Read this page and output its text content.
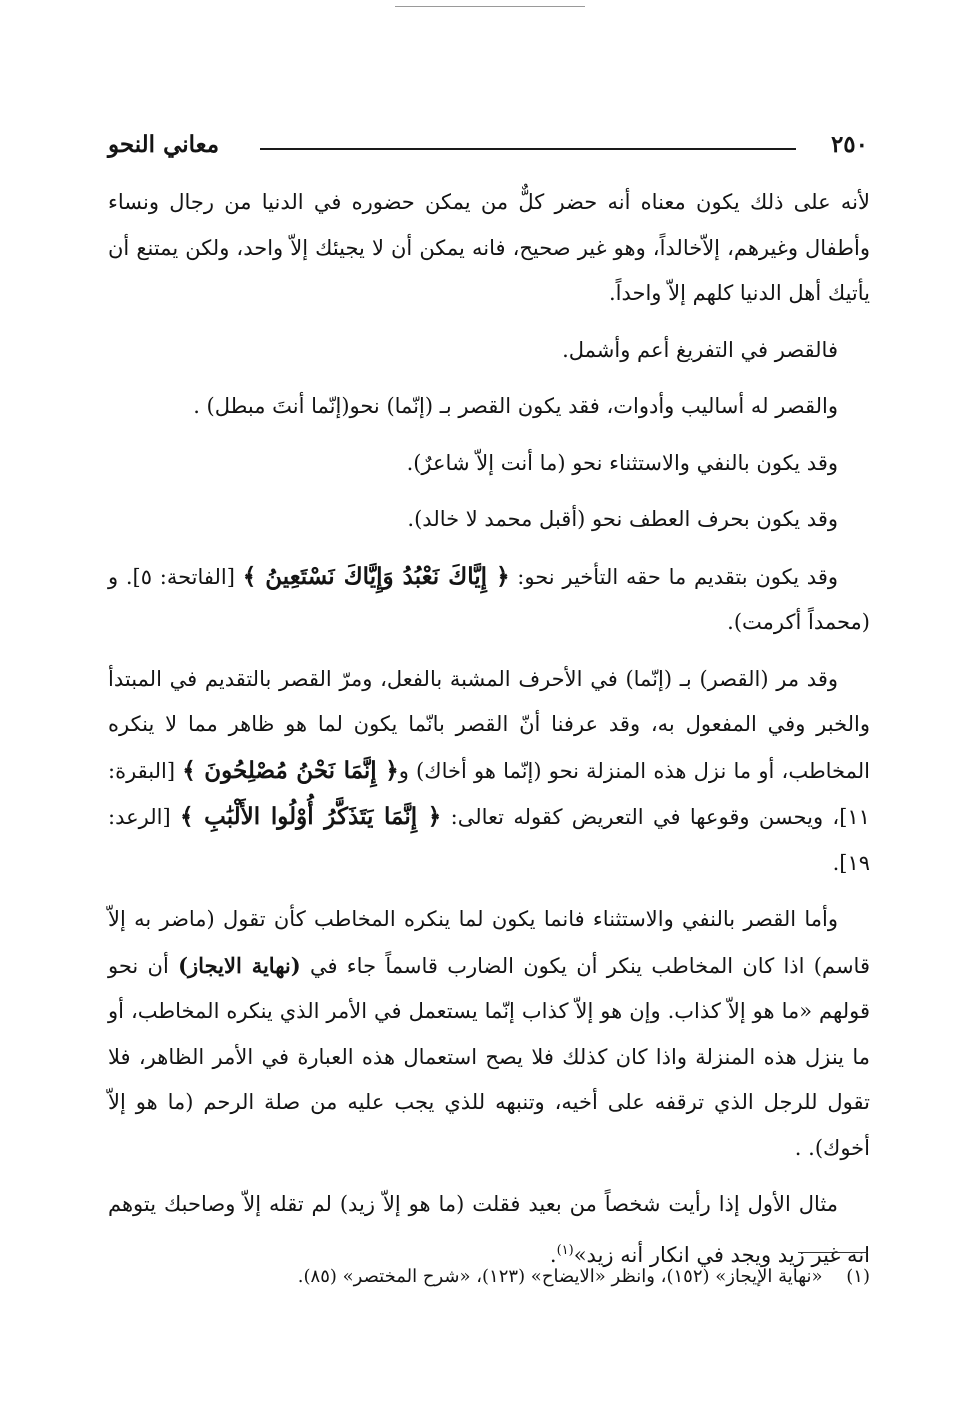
٢٥٠
معاني النحو

لأنه على ذلك يكون معناه أنه حضر كلٌّ من يمكن حضوره في الدنيا من رجال ونساء وأطفال وغيرهم، إلاّخالداً، وهو غير صحيح، فانه يمكن أن لا يجيئك إلاّ واحد، ولكن يمتنع أن يأتيك أهل الدنيا كلهم إلاّ واحداً.

فالقصر في التفريغ أعم وأشمل.

والقصر له أساليب وأدوات، فقد يكون القصر بـ (إنّما) نحو(إنّما أنتَ مبطل) .

وقد يكون بالنفي والاستثناء نحو (ما أنت إلاّ شاعرٌ).

وقد يكون بحرف العطف نحو (أقبل محمد لا خالد).

وقد يكون بتقديم ما حقه التأخير نحو: ﴿ إِيَّاكَ نَعْبُدُ وَإِيَّاكَ نَسْتَعِينُ ﴾ [الفاتحة: ٥]. و (محمداً أكرمت).

وقد مر (القصر) بـ (إنّما) في الأحرف المشبة بالفعل، ومرّ القصر بالتقديم في المبتدأ والخبر وفي المفعول به، وقد عرفنا أنّ القصر بانّما يكون لما هو ظاهر مما لا ينكره المخاطب، أو ما نزل هذه المنزلة نحو (إنّما هو أخاك) و﴿ إِنَّمَا نَحْنُ مُصْلِحُونَ ﴾ [البقرة: ١١]، ويحسن وقوعها في التعريض كقوله تعالى: ﴿ إِنَّمَا يَتَذَكَّرُ أُوْلُوا الأَلْبَٰبِ ﴾ [الرعد: ١٩].

وأما القصر بالنفي والاستثناء فانما يكون لما ينكره المخاطب كأن تقول (ماضر به إلاّ قاسم) اذا كان المخاطب ينكر أن يكون الضارب قاسماً جاء في (نهاية الايجاز) أن نحو قولهم «ما هو إلاّ كذاب. وإن هو إلاّ كذاب إنّما يستعمل في الأمر الذي ينكره المخاطب، أو ما ينزل هذه المنزلة واذا كان كذلك فلا يصح استعمال هذه العبارة في الأمر الظاهر، فلا تقول للرجل الذي ترقفه على أخيه، وتنبهه للذي يجب عليه من صلة الرحم (ما هو إلاّ أخوك). .

مثال الأول إذا رأيت شخصاً من بعيد فقلت (ما هو إلاّ زيد) لم تقله إلاّ وصاحبك يتوهم انه غير زيد ويجد في انكار أنه زيد»$^{(١)}$.

(١) «نهاية الإيجاز» (١٥٢)، وانظر «الايضاح» (١٢٣)، «شرح المختصر» (٨٥).
